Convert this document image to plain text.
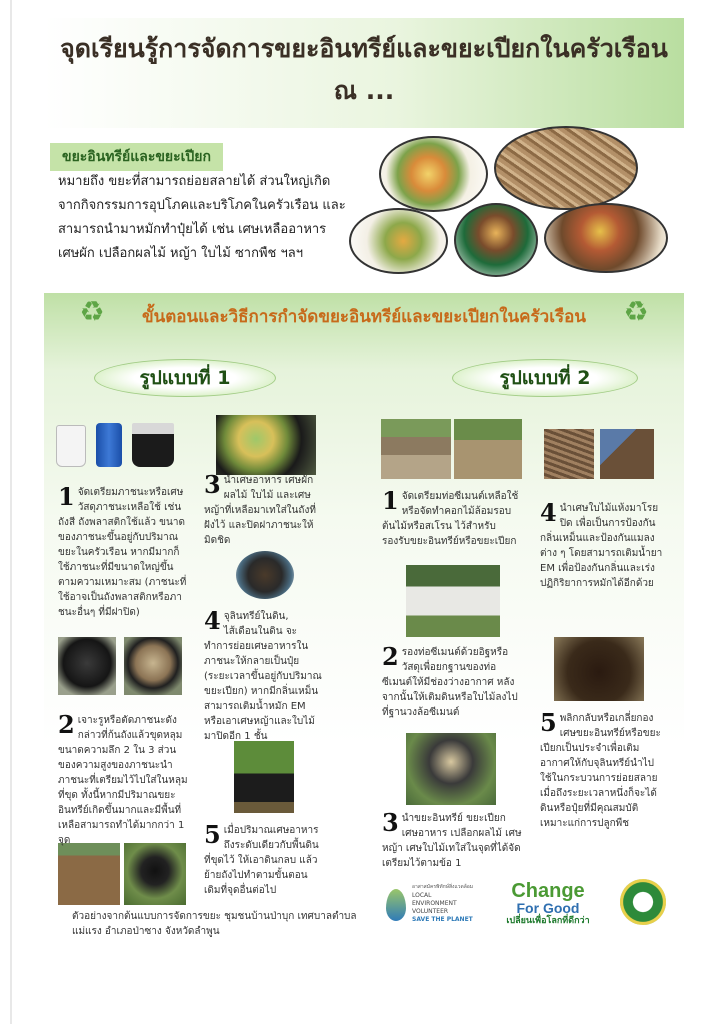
จุดเรียนรู้การจัดการขยะอินทรีย์และขยะเปียกในครัวเรือน
ณ ...
ขยะอินทรีย์และขยะเปียก
หมายถึง ขยะที่สามารถย่อยสลายได้ ส่วนใหญ่เกิดจากกิจกรรมการอุปโภคและบริโภคในครัวเรือน และสามารถนำมาหมักทำปุ๋ยได้ เช่น เศษเหลืออาหาร เศษผัก เปลือกผลไม้ หญ้า ใบไม้ ซากพืช ฯลฯ
♻	♻
ขั้นตอนและวิธีการกำจัดขยะอินทรีย์และขยะเปียกในครัวเรือน
รูปแบบที่ 1	รูปแบบที่ 2
1 จัดเตรียมภาชนะหรือเศษวัสดุภาชนะเหลือใช้ เช่น ถังสี ถังพลาสติกใช้แล้ว ขนาดของภาชนะขึ้นอยู่กับปริมาณขยะในครัวเรือน หากมีมากก็ใช้ภาชนะที่มีขนาดใหญ่ขึ้นตามความเหมาะสม (ภาชนะที่ใช้อาจเป็นถังพลาสติกหรือภาชนะอื่นๆ ที่มีฝาปิด)
2 เจาะรูหรือตัดภาชนะดังกล่าวที่ก้นถังแล้วขุดหลุมขนาดความลึก 2 ใน 3 ส่วนของความสูงของภาชนะนำภาชนะที่เตรียมไว้ไปใส่ในหลุมที่ขุด ทั้งนี้หากมีปริมาณขยะอินทรีย์เกิดขึ้นมากและมีพื้นที่เหลือสามารถทำได้มากกว่า 1 จุด
3 นำเศษอาหาร เศษผัก ผลไม้ ใบไม้ และเศษหญ้าที่เหลือมาเทใส่ในถังที่ฝังไว้ และปิดฝาภาชนะให้มิดชิด
4 จุลินทรีย์ในดิน, ไส้เดือนในดิน จะทำการย่อยเศษอาหารในภาชนะให้กลายเป็นปุ๋ย (ระยะเวลาขึ้นอยู่กับปริมาณขยะเปียก) หากมีกลิ่นเหม็นสามารถเติมน้ำหมัก EM หรือเอาเศษหญ้าและใบไม้มาปิดอีก 1 ชั้น
5 เมื่อปริมาณเศษอาหารถึงระดับเดียวกับพื้นดินที่ขุดไว้ ให้เอาดินกลบ แล้วย้ายถังไปทำตามขั้นตอนเดิมที่จุดอื่นต่อไป
1 จัดเตรียมท่อซีเมนต์เหลือใช้หรือจัดทำคอกไม้ล้อมรอบต้นไม้หรือสเโรน ไว้สำหรับรองรับขยะอินทรีย์หรือขยะเปียก
2 รองท่อซีเมนต์ด้วยอิฐหรือวัสดุเพื่อยกฐานของท่อซีเมนต์ให้มีช่องว่างอากาศ หลังจากนั้นให้เติมดินหรือใบไม้ลงไปที่ฐานวงล้อซีเมนต์
3 นำขยะอินทรีย์ ขยะเปียก เศษอาหาร เปลือกผลไม้ เศษหญ้า เศษใบไม้เทใส่ในจุดที่ได้จัดเตรียมไว้ตามข้อ 1
4 นำเศษใบไม้แห้งมาโรยปิด เพื่อเป็นการป้องกันกลิ่นเหม็นและป้องกันแมลงต่าง ๆ โดยสามารถเติมน้ำยา EM เพื่อป้องกันกลิ่นและเร่งปฏิกิริยาการหมักได้อีกด้วย
5 พลิกกลับหรือเกลี่ยกองเศษขยะอินทรีย์หรือขยะเปียกเป็นประจำเพื่อเติมอากาศให้กับจุลินทรีย์นำไปใช้ในกระบวนการย่อยสลาย เมื่อถึงระยะเวลาหนึ่งก็จะได้ดินหรือปุ๋ยที่มีคุณสมบัติเหมาะแก่การปลูกพืช
ตัวอย่างจากต้นแบบการจัดการขยะ ชุมชนบ้านป่าบุก เทศบาลตำบลแม่แรง อำเภอป่าซาง จังหวัดลำพูน
อาสาสมัครพิทักษ์สิ่งแวดล้อม
LOCAL
ENVIRONMENT
VOLUNTEER
SAVE THE PLANET
Change
For Good
เปลี่ยนเพื่อโลกที่ดีกว่า
